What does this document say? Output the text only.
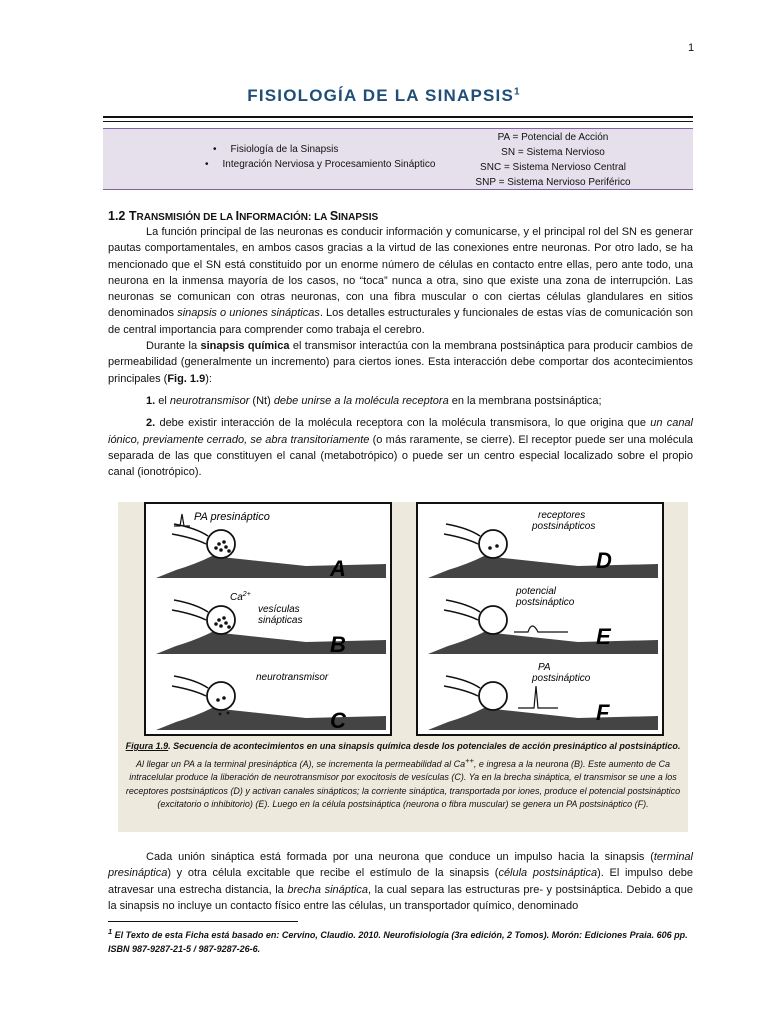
1
FISIOLOGÍA DE LA SINAPSIS$^1$
• Fisiología de la Sinapsis
• Integración Nerviosa y Procesamiento Sináptico
PA = Potencial de Acción
SN = Sistema Nervioso
SNC = Sistema Nervioso Central
SNP = Sistema Nervioso Periférico
1.2 TRANSMISIÓN DE LA INFORMACIÓN: LA SINAPSIS

La función principal de las neuronas es conducir información y comunicarse, y el principal rol del SN es generar pautas comportamentales, en ambos casos gracias a la virtud de las conexiones entre neuronas. Por otro lado, se ha mencionado que el SN está constituido por un enorme número de células en contacto entre ellas, pero ante todo, una neurona en la inmensa mayoría de los casos, no “toca” nunca a otra, sino que existe una zona de interrupción. Las neuronas se comunican con otras neuronas, con una fibra muscular o con ciertas células glandulares en sitios denominados sinapsis o uniones sinápticas. Los detalles estructurales y funcionales de estas vías de comunicación son de central importancia para comprender como trabaja el cerebro.

Durante la sinapsis química el transmisor interactúa con la membrana postsináptica para producir cambios de permeabilidad (generalmente un incremento) para ciertos iones. Esta interacción debe comportar dos acontecimientos principales (Fig. 1.9):

1. el neurotransmisor (Nt) debe unirse a la molécula receptora en la membrana postsináptica;

2. debe existir interacción de la molécula receptora con la molécula transmisora, lo que origina que un canal iónico, previamente cerrado, se abra transitoriamente (o más raramente, se cierre). El receptor puede ser una molécula separada de las que constituyen el canal (metabotrópico) o puede ser un centro especial localizado sobre el propio canal (ionotrópico).

PA presináptico
A
$Ca^{2+}$
vesículas
sinápticas
B
neurotransmisor
C
receptores
postsinápticos
D
potencial
postsináptico
E
PA
postsináptico
F
Figura 1.9. Secuencia de acontecimientos en una sinapsis química desde los potenciales de acción presináptico al postsináptico. Al llegar un PA a la terminal presináptica (A), se incrementa la permeabilidad al Ca++, e ingresa a la neurona (B). Este aumento de Ca intracelular produce la liberación de neurotransmisor por exocitosis de vesículas (C). Ya en la brecha sináptica, el transmisor se une a los receptores postsinápticos (D) y activan canales sinápticos; la corriente sináptica, transportada por iones, produce el potencial postsináptico (excitatorio o inhibitorio) (E). Luego en la célula postsináptica (neurona o fibra muscular) se genera un PA postsináptico (F).

Cada unión sináptica está formada por una neurona que conduce un impulso hacia la sinapsis (terminal presináptica) y otra célula excitable que recibe el estímulo de la sinapsis (célula postsináptica). El impulso debe atravesar una estrecha distancia, la brecha sináptica, la cual separa las estructuras pre- y postsináptica. Debido a que la sinapsis no incluye un contacto físico entre las células, un transportador químico, denominado

$^1$ El Texto de esta Ficha está basado en: Cervino, Claudio. 2010. Neurofisiología (3ra edición, 2 Tomos). Morón: Ediciones Praia. 606 pp. ISBN 987-9287-21-5 / 987-9287-26-6.
